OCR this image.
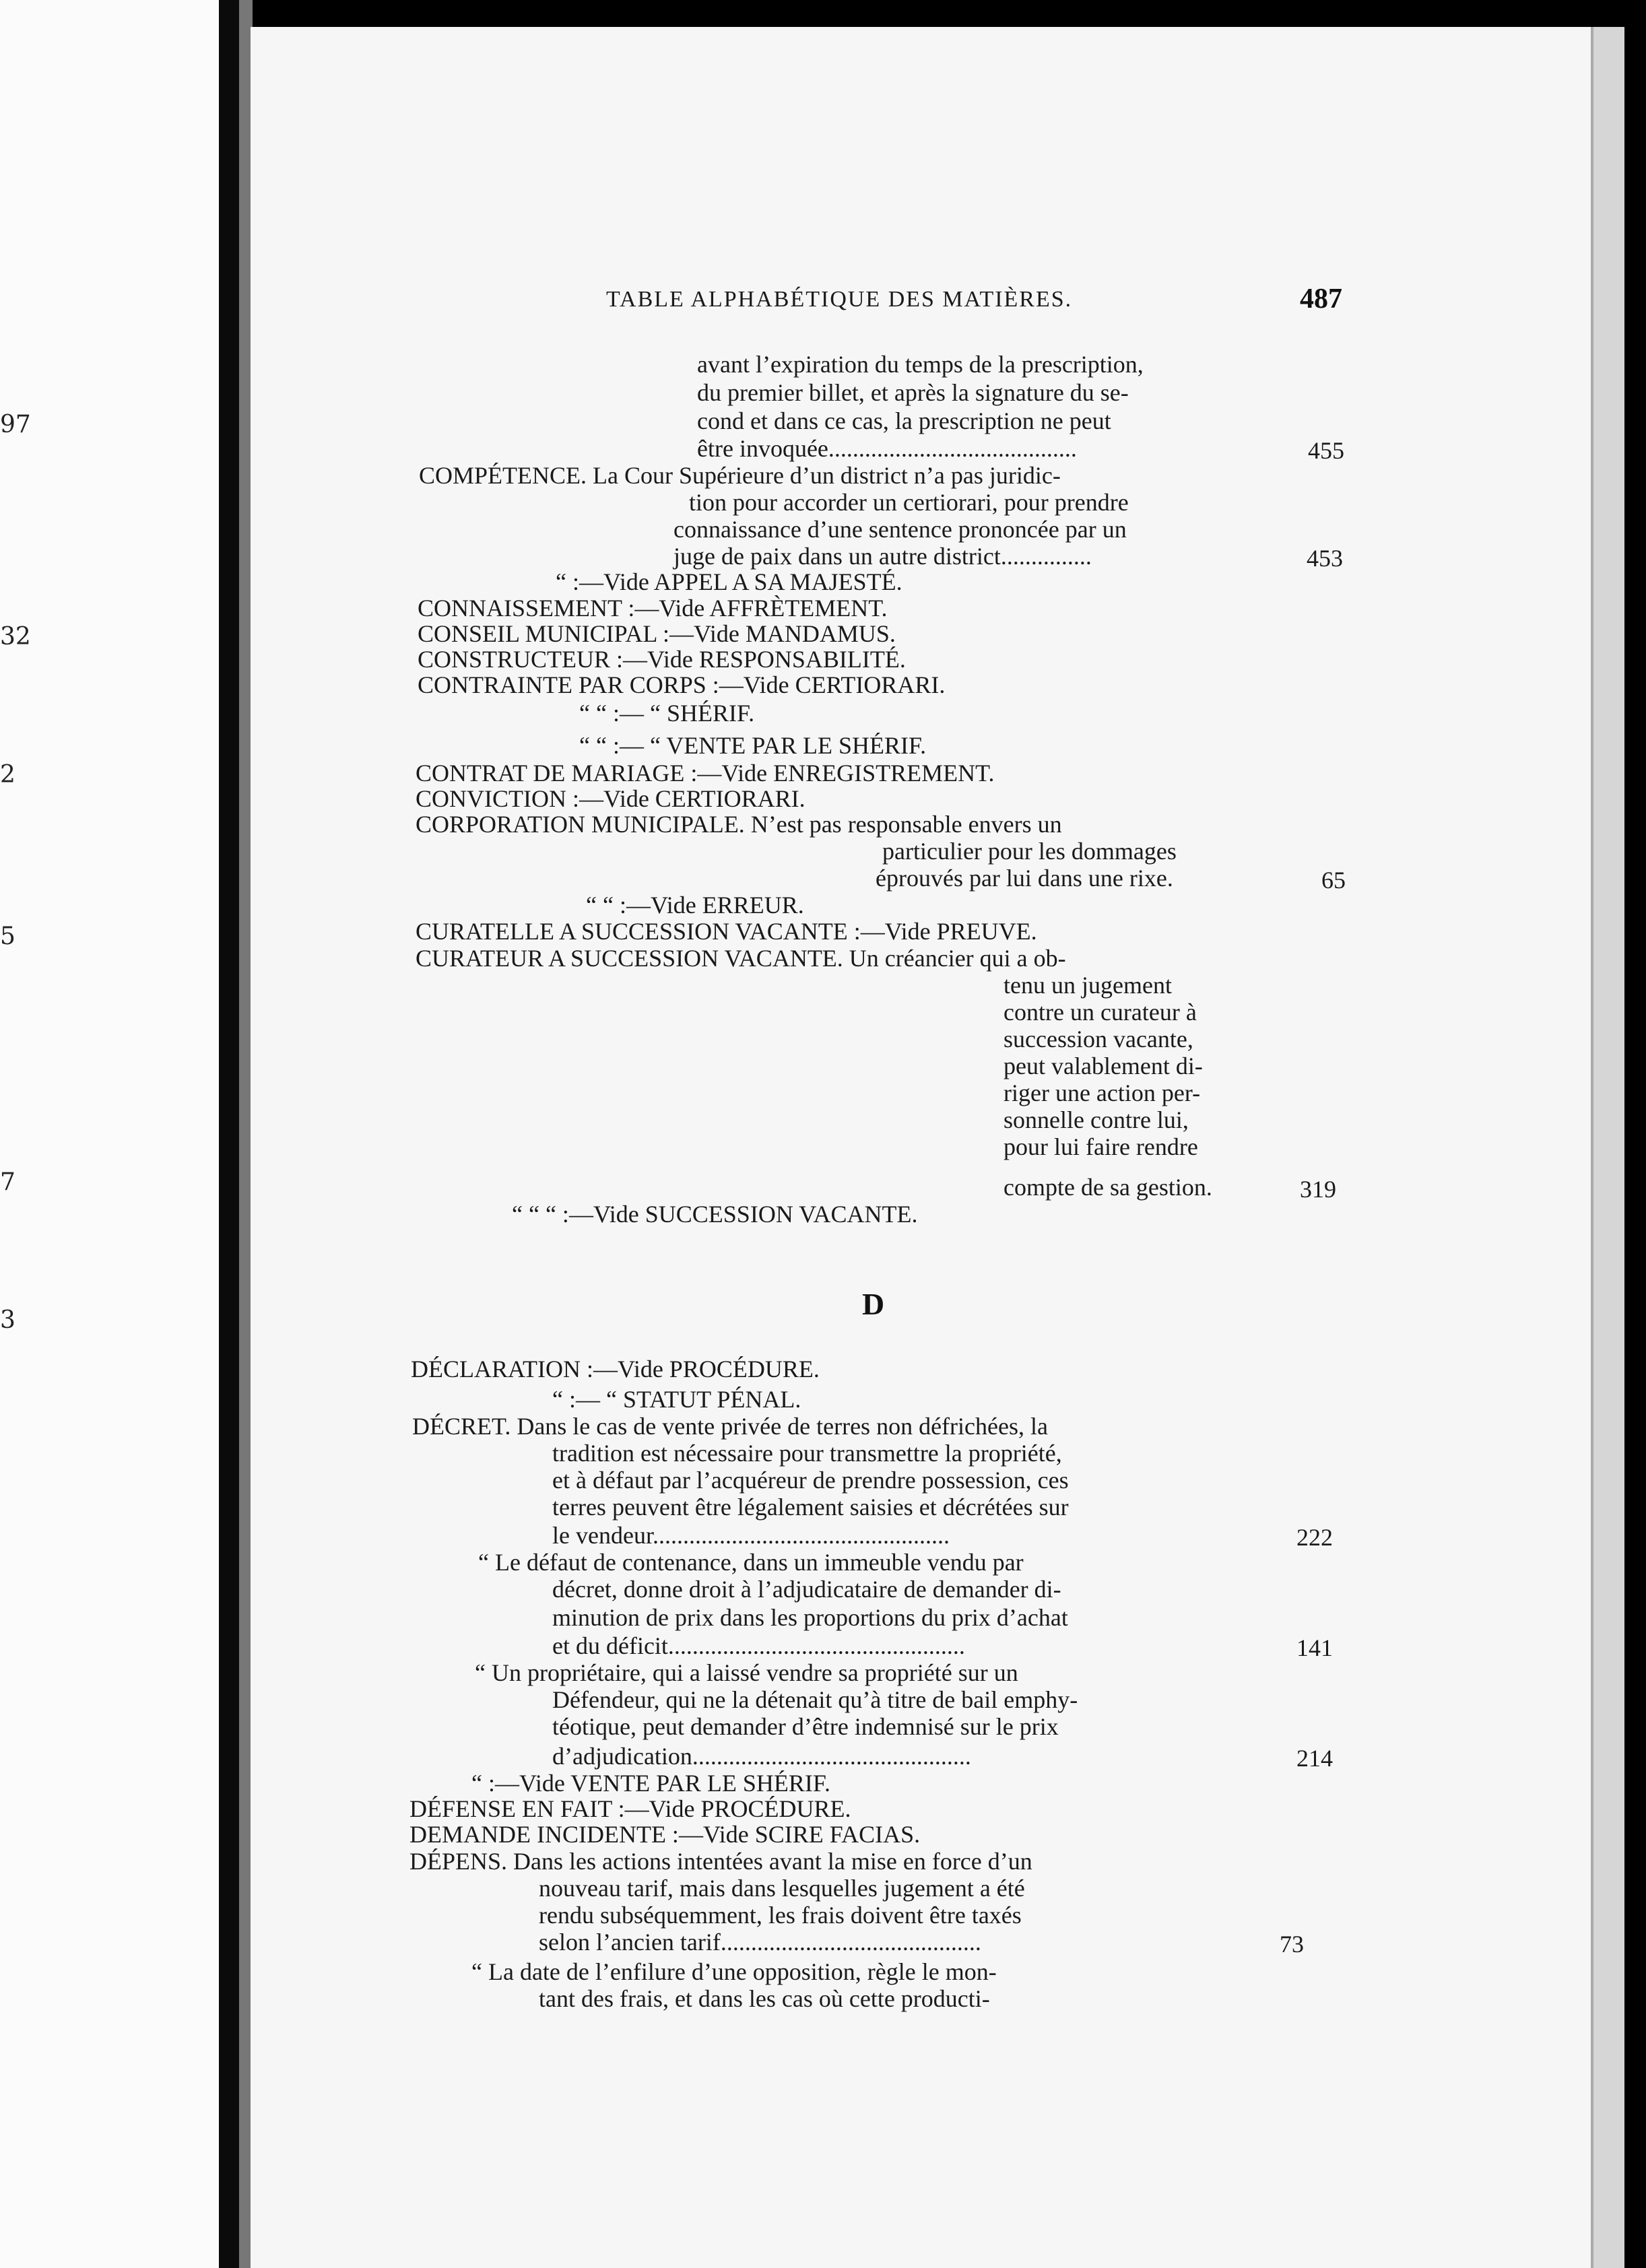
97
32
2
5
7
3
TABLE ALPHABÉTIQUE DES MATIÈRES.	487
avant l’expiration du temps de la prescription,
du premier billet, et après la signature du se-
cond et dans ce cas, la prescription ne peut
être invoquée.........................................	455
COMPÉTENCE. La Cour Supérieure d’un district n’a pas juridic-
tion pour accorder un certiorari, pour prendre
connaissance d’une sentence prononcée par un
juge de paix dans un autre district...............	453
“ :—Vide APPEL A SA MAJESTÉ.
CONNAISSEMENT :—Vide AFFRÈTEMENT.
CONSEIL MUNICIPAL :—Vide MANDAMUS.
CONSTRUCTEUR :—Vide RESPONSABILITÉ.
CONTRAINTE PAR CORPS :—Vide CERTIORARI.
“ “ :— “ SHÉRIF.
“ “ :— “ VENTE PAR LE SHÉRIF.
CONTRAT DE MARIAGE :—Vide ENREGISTREMENT.
CONVICTION :—Vide CERTIORARI.
CORPORATION MUNICIPALE. N’est pas responsable envers un
particulier pour les dommages
éprouvés par lui dans une rixe.	65
“ “ :—Vide ERREUR.
CURATELLE A SUCCESSION VACANTE :—Vide PREUVE.
CURATEUR A SUCCESSION VACANTE. Un créancier qui a ob-
tenu un jugement
contre un curateur à
succession vacante,
peut valablement di-
riger une action per-
sonnelle contre lui,
pour lui faire rendre
compte de sa gestion.	319
“ “ “ :—Vide SUCCESSION VACANTE.
D
DÉCLARATION :—Vide PROCÉDURE.
“ :— “ STATUT PÉNAL.
DÉCRET. Dans le cas de vente privée de terres non défrichées, la
tradition est nécessaire pour transmettre la propriété,
et à défaut par l’acquéreur de prendre possession, ces
terres peuvent être légalement saisies et décrétées sur
le vendeur.................................................	222
“ Le défaut de contenance, dans un immeuble vendu par
décret, donne droit à l’adjudicataire de demander di-
minution de prix dans les proportions du prix d’achat
et du déficit.................................................	141
“ Un propriétaire, qui a laissé vendre sa propriété sur un
Défendeur, qui ne la détenait qu’à titre de bail emphy-
téotique, peut demander d’être indemnisé sur le prix
d’adjudication..............................................	214
“ :—Vide VENTE PAR LE SHÉRIF.
DÉFENSE EN FAIT :—Vide PROCÉDURE.
DEMANDE INCIDENTE :—Vide SCIRE FACIAS.
DÉPENS. Dans les actions intentées avant la mise en force d’un
nouveau tarif, mais dans lesquelles jugement a été
rendu subséquemment, les frais doivent être taxés
selon l’ancien tarif...........................................	73
“ La date de l’enfilure d’une opposition, règle le mon-
tant des frais, et dans les cas où cette producti-
